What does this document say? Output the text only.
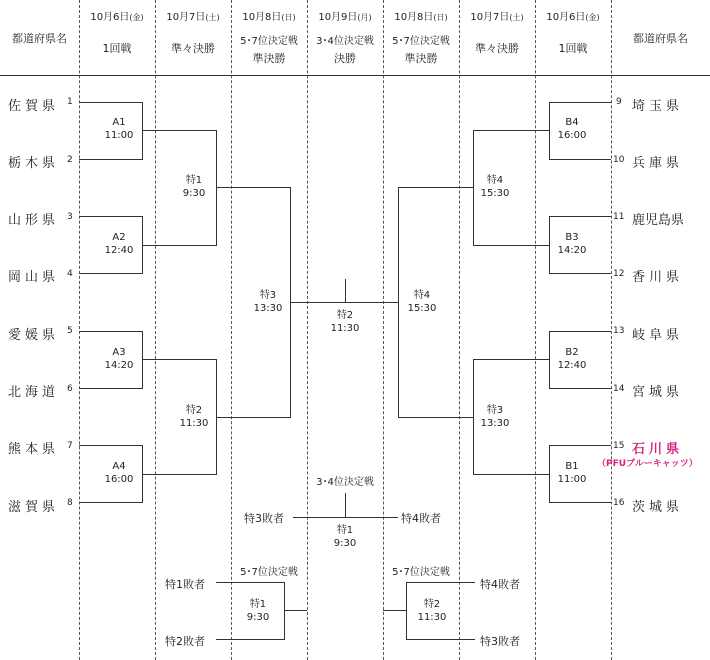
都道府県名	都道府県名
10月6日(金)
1回戦
10月7日(土)
準々決勝
10月8日(日)
5･7位決定戦
準決勝
10月9日(月)
3･4位決定戦
決勝
10月8日(日)
5･7位決定戦
準決勝
10月7日(土)
準々決勝
10月6日(金)
1回戦
佐賀県 1
栃木県 2
山形県 3
岡山県 4
愛媛県 5
北海道 6
熊本県 7
滋賀県 8
9 埼玉県
10 兵庫県
11 鹿児島県
12 香川県
13 岐阜県
14 宮城県
15 石川県
（PFUブルーキャッツ）
16 茨城県
A1
11:00
A2
12:40
A3
14:20
A4
16:00
B4
16:00
B3
14:20
B2
12:40
B1
11:00
特1
9:30
特2
11:30
特4
15:30
特3
13:30
特3
13:30
特4
15:30
特2
11:30
3･4位決定戦
特3敗者	特4敗者
特1
9:30
5･7位決定戦
特1敗者
特2敗者
特1
9:30
5･7位決定戦
特4敗者
特3敗者
特2
11:30
